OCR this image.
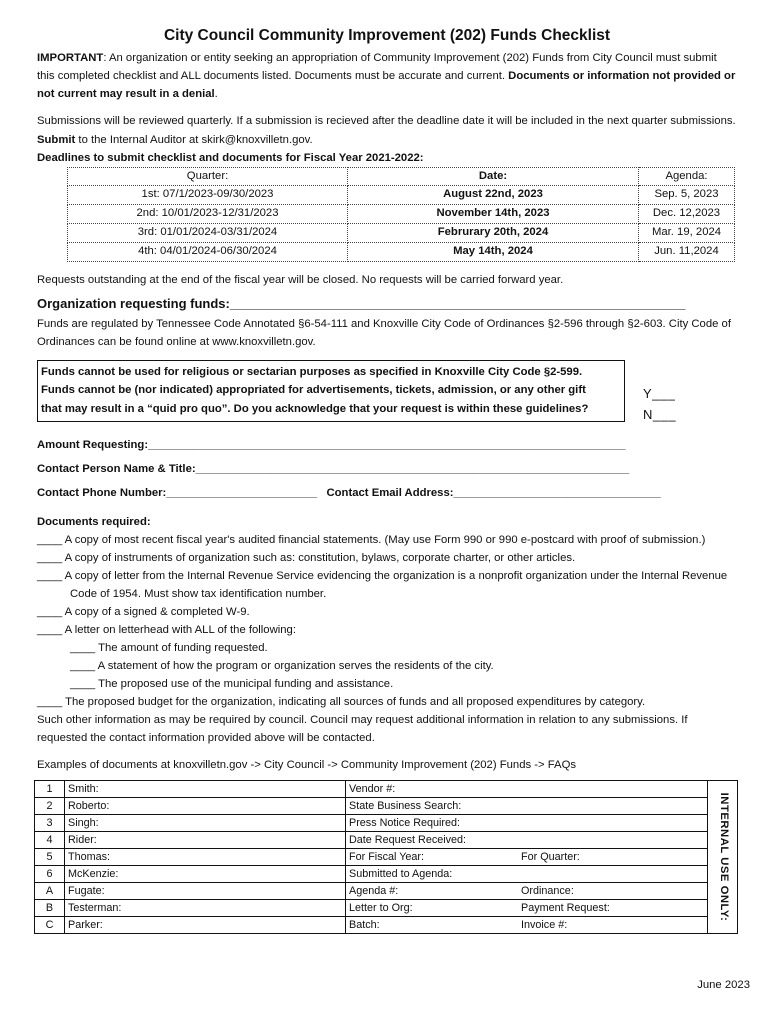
City Council Community Improvement (202) Funds Checklist

IMPORTANT: An organization or entity seeking an appropriation of Community Improvement (202) Funds from City Council must submit this completed checklist and ALL documents listed. Documents must be accurate and current. Documents or information not provided or not current may result in a denial.

Submissions will be reviewed quarterly. If a submission is recieved after the deadline date it will be included in the next quarter submissions. Submit to the Internal Auditor at skirk@knoxvilletn.gov.

Deadlines to submit checklist and documents for Fiscal Year 2021-2022:

Quarter:	Date:	Agenda:
1st: 07/1/2023-09/30/2023	August 22nd, 2023	Sep. 5, 2023
2nd: 10/01/2023-12/31/2023	November 14th, 2023	Dec. 12,2023
3rd: 01/01/2024-03/31/2024	Februrary 20th, 2024	Mar. 19, 2024
4th: 04/01/2024-06/30/2024	May 14th, 2024	Jun. 11,2024

Requests outstanding at the end of the fiscal year will be closed. No requests will be carried forward year.

Organization requesting funds:_______________________________________________________________

Funds are regulated by Tennessee Code Annotated §6-54-111 and Knoxville City Code of Ordinances §2-596 through §2-603. City Code of Ordinances can be found online at www.knoxvilletn.gov.

Funds cannot be used for religious or sectarian purposes as specified in Knoxville City Code §2-599.
Funds cannot be (nor indicated) appropriated for advertisements, tickets, admission, or any other gift
that may result in a “quid pro quo”. Do you acknowledge that your request is within these guidelines?
Y___ N___

Amount Requesting:____________________________________________________________________________

Contact Person Name & Title:_____________________________________________________________________

Contact Phone Number:________________________ Contact Email Address:_________________________________

Documents required:

____ A copy of most recent fiscal year's audited financial statements. (May use Form 990 or 990 e-postcard with proof of submission.)

____ A copy of instruments of organization such as: constitution, bylaws, corporate charter, or other articles.

____ A copy of letter from the Internal Revenue Service evidencing the organization is a nonprofit organization under the Internal Revenue Code of 1954. Must show tax identification number.

____ A copy of a signed & completed W-9.

____ A letter on letterhead with ALL of the following:

____ The amount of funding requested.

____ A statement of how the program or organization serves the residents of the city.

____ The proposed use of the municipal funding and assistance.

____ The proposed budget for the organization, indicating all sources of funds and all proposed expenditures by category.

Such other information as may be required by council. Council may request additional information in relation to any submissions. If requested the contact information provided above will be contacted.

Examples of documents at knoxvilletn.gov -> City Council -> Community Improvement (202) Funds -> FAQs

1	Smith:	Vendor #:	INTERNAL USE ONLY:

2	Roberto:	State Business Search:	

3	Singh:	Press Notice Required:	

4	Rider:	Date Request Received:	

5	Thomas:	For Fiscal Year: For Quarter:	

6	McKenzie:	Submitted to Agenda:	

A	Fugate:	Agenda #: Ordinance:	

B	Testerman:	Letter to Org: Payment Request:	

C	Parker:	Batch: Invoice #:	
June 2023
